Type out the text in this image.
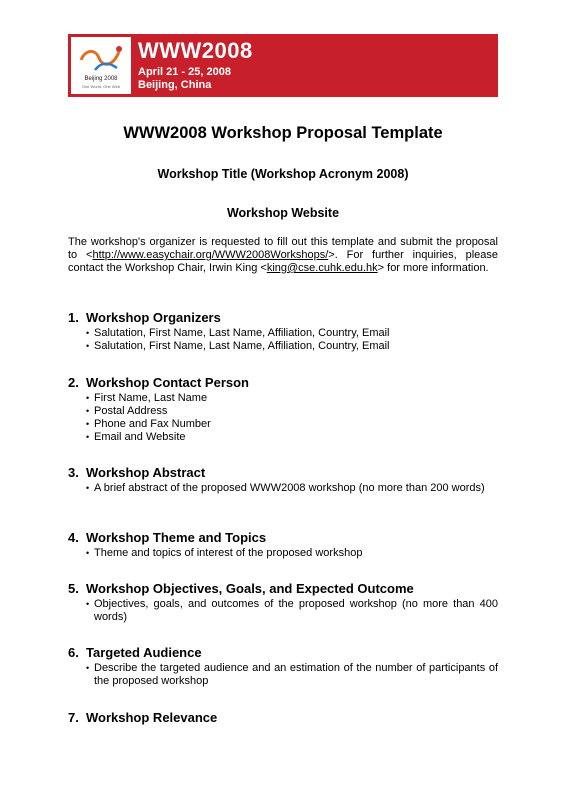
Beijing 2008
One World, One Web
WWW2008
April 21 - 25, 2008
Beijing, China
WWW2008 Workshop Proposal Template
Workshop Title (Workshop Acronym 2008)
Workshop Website
The workshop's organizer is requested to fill out this template and submit the proposal to <http://www.easychair.org/WWW2008Workshops/>. For further inquiries, please contact the Workshop Chair, Irwin King <king@cse.cuhk.edu.hk> for more information.
1. Workshop Organizers
• Salutation, First Name, Last Name, Affiliation, Country, Email
• Salutation, First Name, Last Name, Affiliation, Country, Email
2. Workshop Contact Person
• First Name, Last Name
• Postal Address
• Phone and Fax Number
• Email and Website
3. Workshop Abstract
• A brief abstract of the proposed WWW2008 workshop (no more than 200 words)
4. Workshop Theme and Topics
• Theme and topics of interest of the proposed workshop
5. Workshop Objectives, Goals, and Expected Outcome
• Objectives, goals, and outcomes of the proposed workshop (no more than 400 words)
6. Targeted Audience
• Describe the targeted audience and an estimation of the number of participants of the proposed workshop
7. Workshop Relevance
